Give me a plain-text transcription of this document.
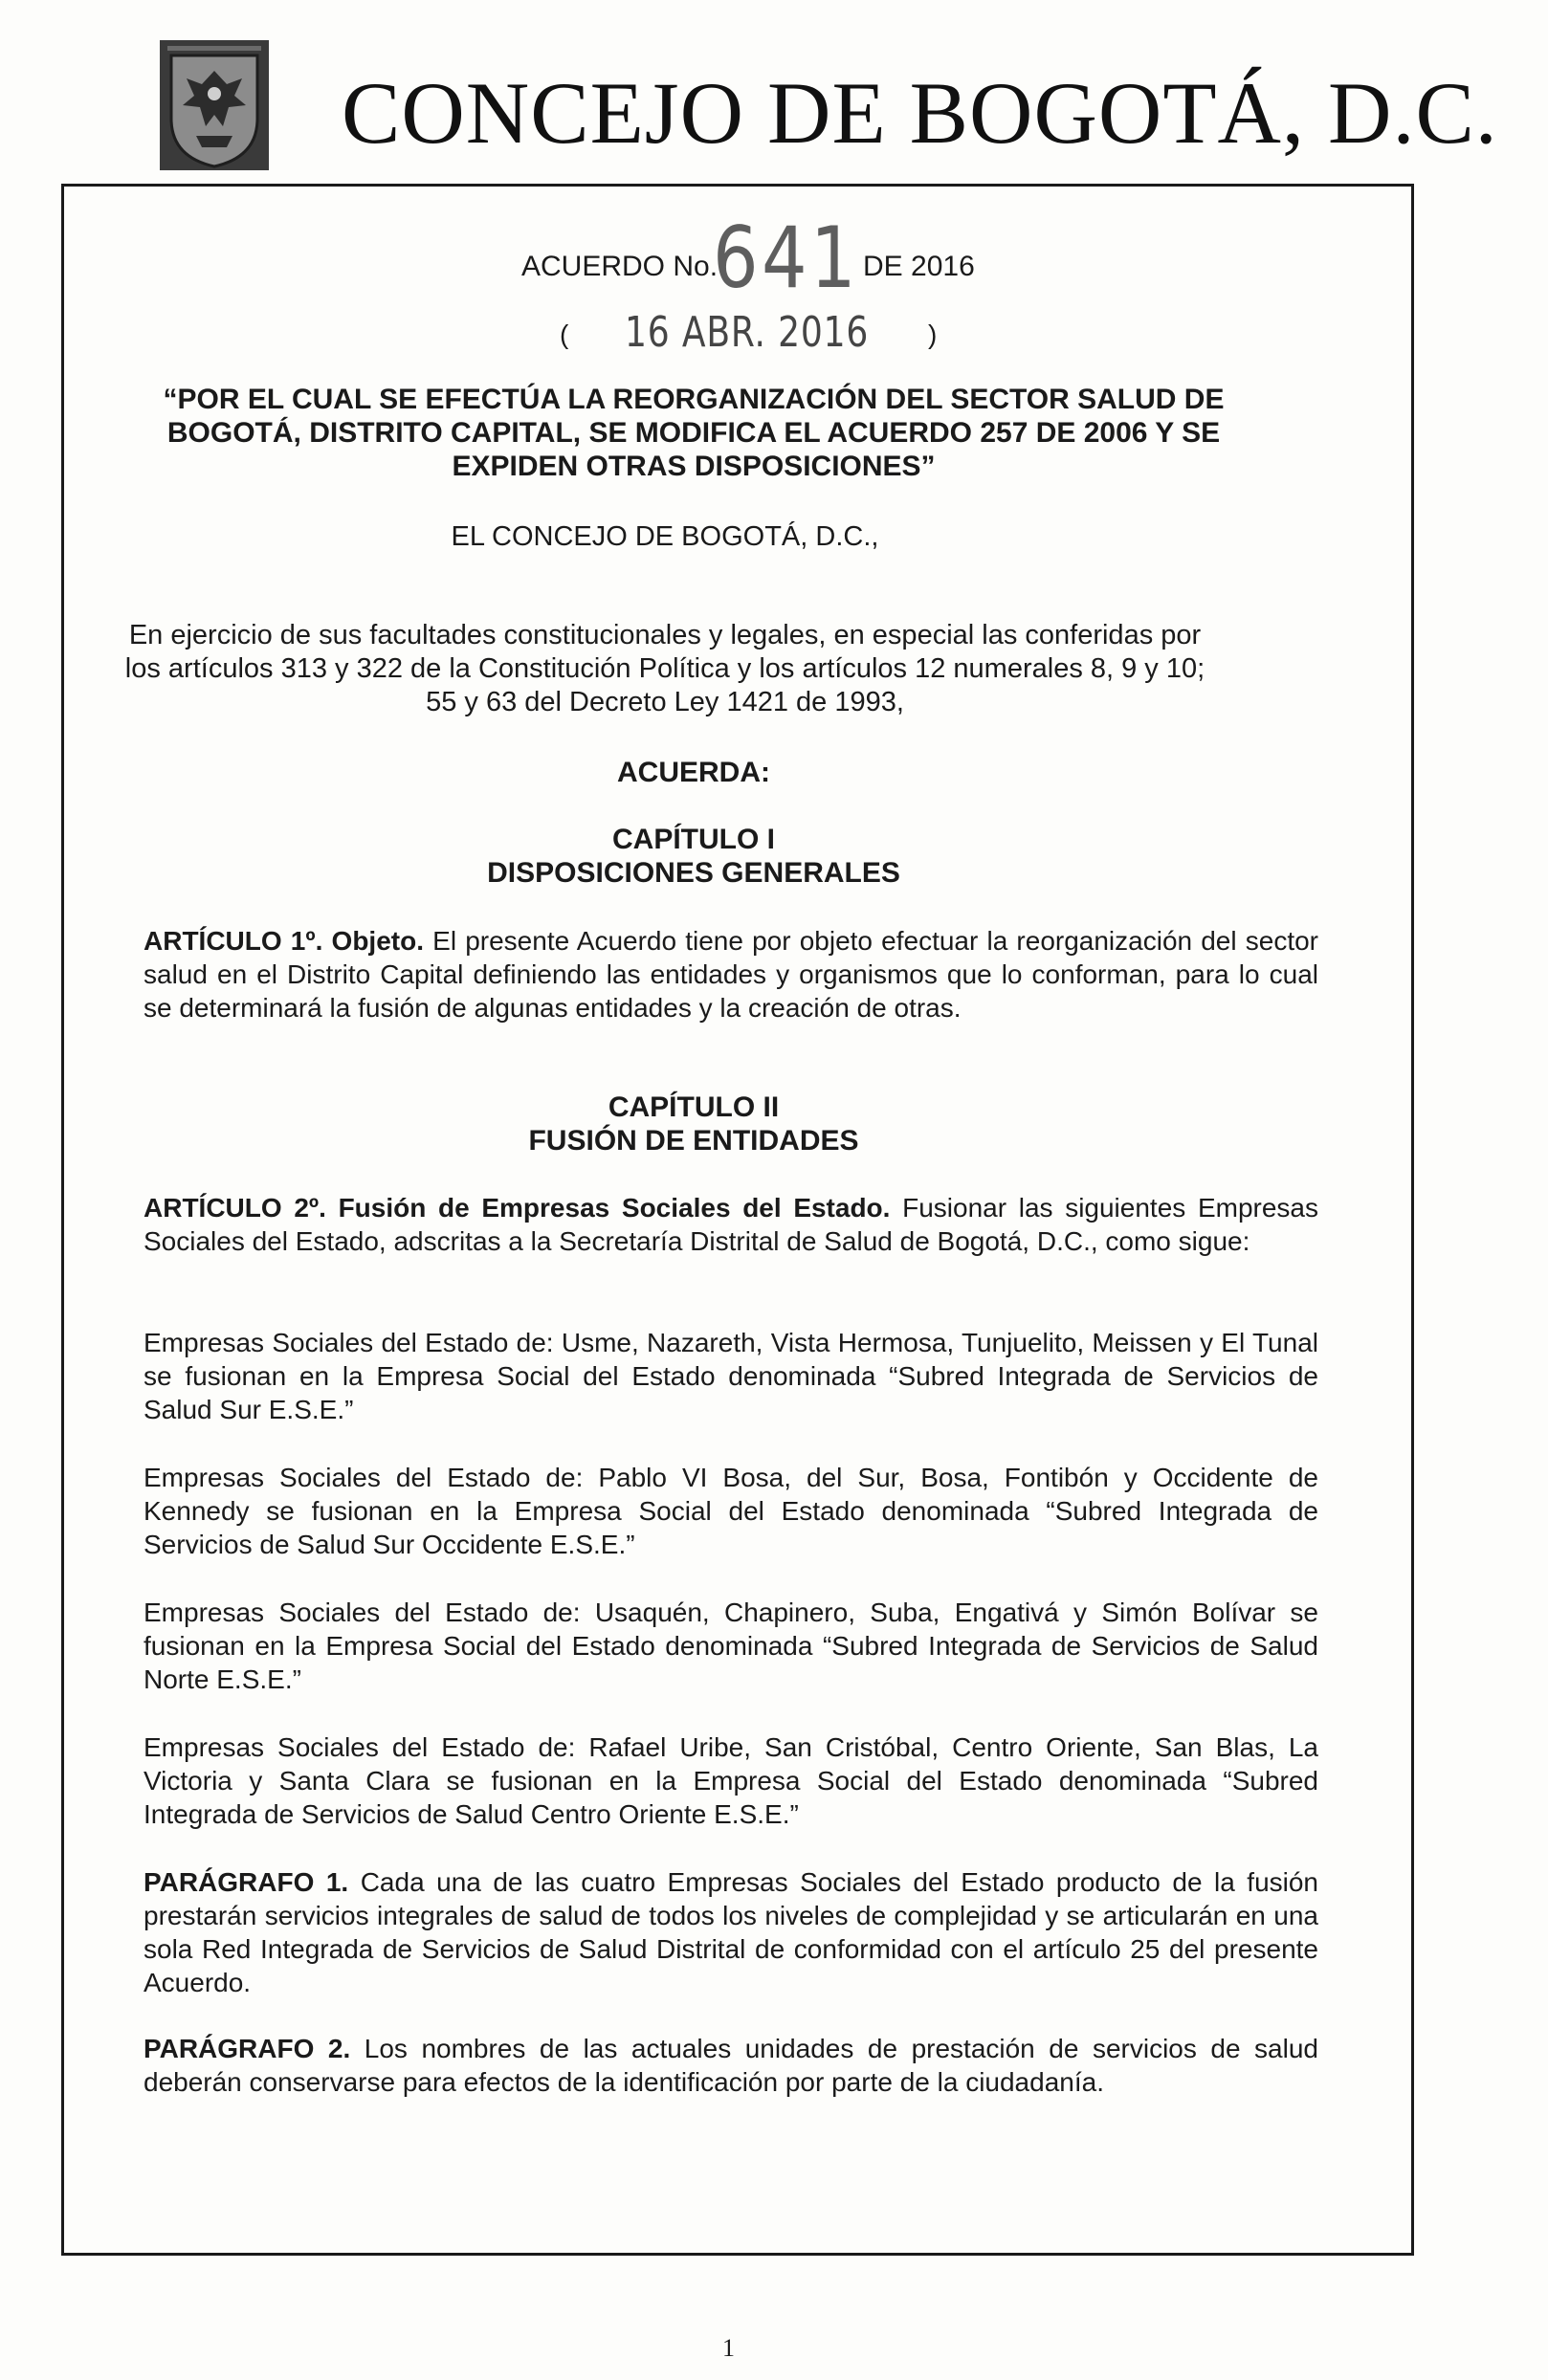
CONCEJO DE BOGOTÁ, D.C.
ACUERDO No.
641 DE 2016
( 16 ABR. 2016 )
“POR EL CUAL SE EFECTÚA LA REORGANIZACIÓN DEL SECTOR SALUD DE
BOGOTÁ, DISTRITO CAPITAL, SE MODIFICA EL ACUERDO 257 DE 2006 Y SE
EXPIDEN OTRAS DISPOSICIONES”
EL CONCEJO DE BOGOTÁ, D.C.,
En ejercicio de sus facultades constitucionales y legales, en especial las conferidas por
los artículos 313 y 322 de la Constitución Política y los artículos 12 numerales 8, 9 y 10;
55 y 63 del Decreto Ley 1421 de 1993,
ACUERDA:
CAPÍTULO I
DISPOSICIONES GENERALES
ARTÍCULO 1º. Objeto. El presente Acuerdo tiene por objeto efectuar la reorganización del sector salud en el Distrito Capital definiendo las entidades y organismos que lo conforman, para lo cual se determinará la fusión de algunas entidades y la creación de otras.
CAPÍTULO II
FUSIÓN DE ENTIDADES
ARTÍCULO 2º. Fusión de Empresas Sociales del Estado. Fusionar las siguientes Empresas Sociales del Estado, adscritas a la Secretaría Distrital de Salud de Bogotá, D.C., como sigue:
Empresas Sociales del Estado de: Usme, Nazareth, Vista Hermosa, Tunjuelito, Meissen y El Tunal se fusionan en la Empresa Social del Estado denominada “Subred Integrada de Servicios de Salud Sur E.S.E.”
Empresas Sociales del Estado de: Pablo VI Bosa, del Sur, Bosa, Fontibón y Occidente de Kennedy se fusionan en la Empresa Social del Estado denominada “Subred Integrada de Servicios de Salud Sur Occidente E.S.E.”
Empresas Sociales del Estado de: Usaquén, Chapinero, Suba, Engativá y Simón Bolívar se fusionan en la Empresa Social del Estado denominada “Subred Integrada de Servicios de Salud Norte E.S.E.”
Empresas Sociales del Estado de: Rafael Uribe, San Cristóbal, Centro Oriente, San Blas, La Victoria y Santa Clara se fusionan en la Empresa Social del Estado denominada “Subred Integrada de Servicios de Salud Centro Oriente E.S.E.”
PARÁGRAFO 1. Cada una de las cuatro Empresas Sociales del Estado producto de la fusión prestarán servicios integrales de salud de todos los niveles de complejidad y se articularán en una sola Red Integrada de Servicios de Salud Distrital de conformidad con el artículo 25 del presente Acuerdo.
PARÁGRAFO 2. Los nombres de las actuales unidades de prestación de servicios de salud deberán conservarse para efectos de la identificación por parte de la ciudadanía.
1
